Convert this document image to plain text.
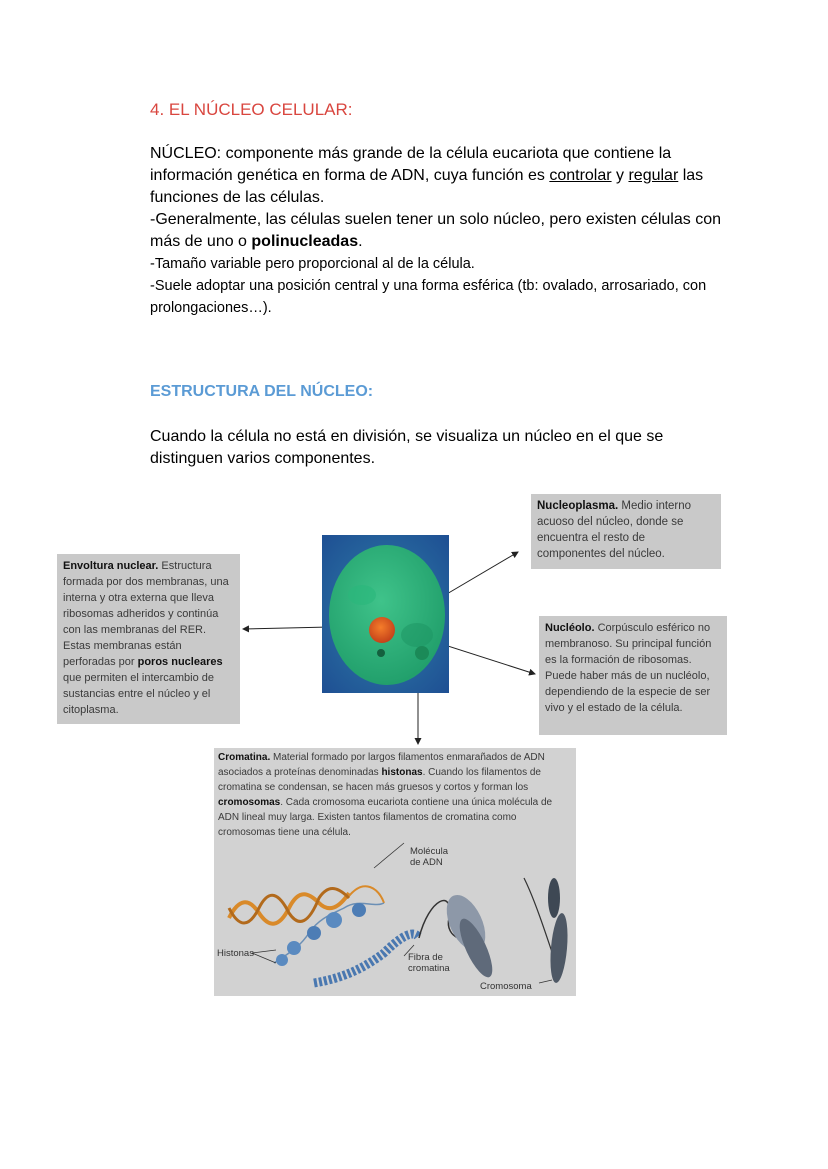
4. EL NÚCLEO CELULAR:
NÚCLEO: componente más grande de la célula eucariota que contiene la información genética en forma de ADN, cuya función es controlar y regular las funciones de las células.
-Generalmente, las células suelen tener un solo núcleo, pero existen células con más de uno o polinucleadas.
-Tamaño variable pero proporcional al de la célula.
-Suele adoptar una posición central y una forma esférica (tb: ovalado, arrosariado, con prolongaciones…).
ESTRUCTURA DEL NÚCLEO:
Cuando la célula no está en división, se visualiza un núcleo en el que se distinguen varios componentes.
Envoltura nuclear. Estructura formada por dos membranas, una interna y otra externa que lleva ribosomas adheridos y continúa con las membranas del RER. Estas membranas están perforadas por poros nucleares que permiten el intercambio de sustancias entre el núcleo y el citoplasma.
Nucleoplasma. Medio interno acuoso del núcleo, donde se encuentra el resto de componentes del núcleo.
Nucléolo. Corpúsculo esférico no membranoso. Su principal función es la formación de ribosomas. Puede haber más de un nucléolo, dependiendo de la especie de ser vivo y el estado de la célula.
Cromatina. Material formado por largos filamentos enmarañados de ADN asociados a proteínas denominadas histonas. Cuando los filamentos de cromatina se condensan, se hacen más gruesos y cortos y forman los cromosomas. Cada cromosoma eucariota contiene una única molécula de ADN lineal muy larga. Existen tantos filamentos de cromatina como cromosomas tiene una célula.
Molécula de ADN
Histonas	Fibra de cromatina
Cromosoma
